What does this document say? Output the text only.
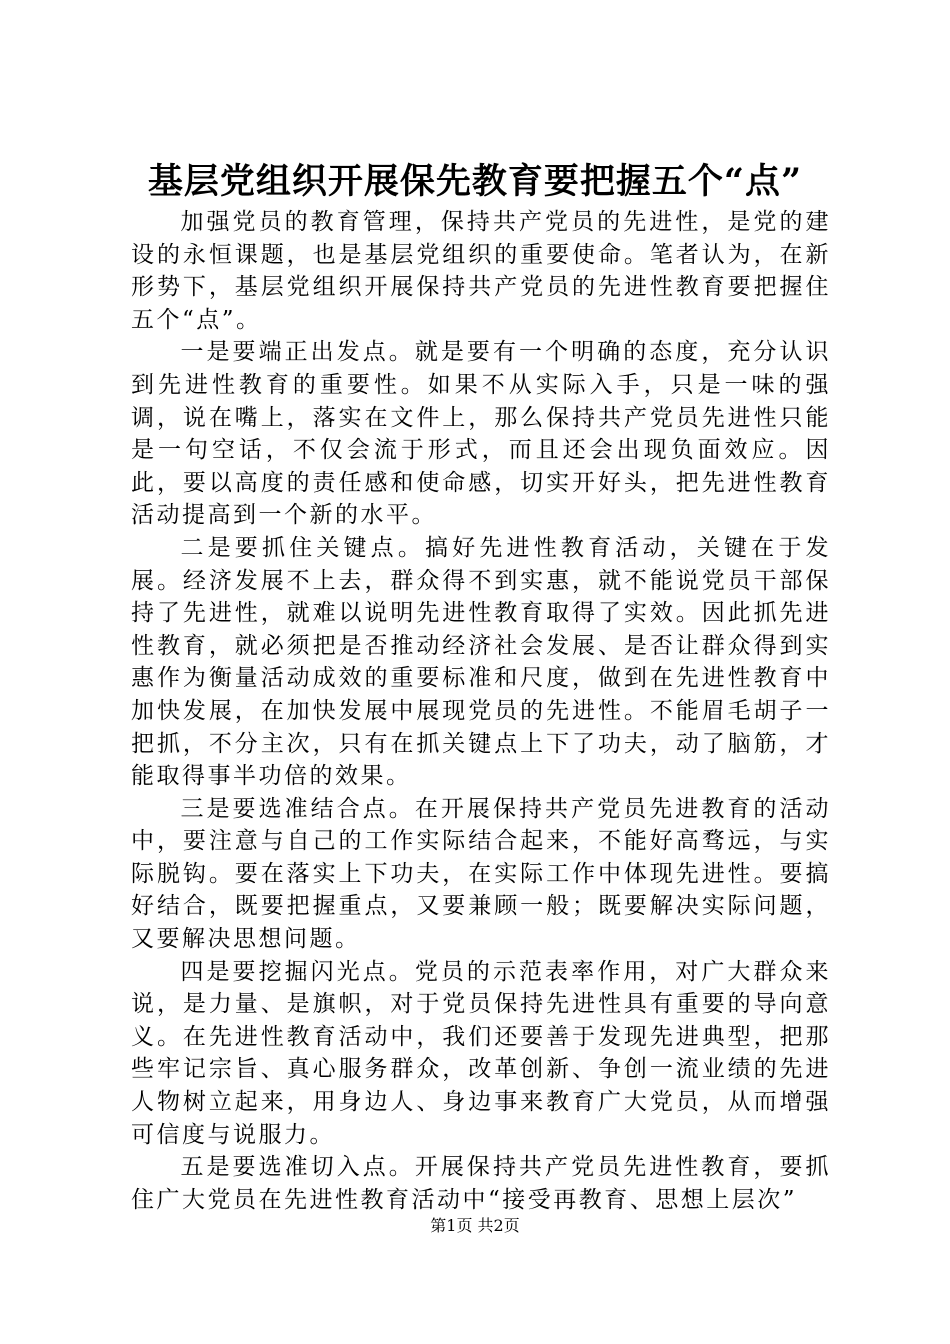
基层党组织开展保先教育要把握五个“点”

加强党员的教育管理，保持共产党员的先进性，是党的建设的永恒课题，也是基层党组织的重要使命。笔者认为，在新形势下，基层党组织开展保持共产党员的先进性教育要把握住五个“点”。

一是要端正出发点。就是要有一个明确的态度，充分认识到先进性教育的重要性。如果不从实际入手，只是一味的强调，说在嘴上，落实在文件上，那么保持共产党员先进性只能是一句空话，不仅会流于形式，而且还会出现负面效应。因此，要以高度的责任感和使命感，切实开好头，把先进性教育活动提高到一个新的水平。

二是要抓住关键点。搞好先进性教育活动，关键在于发展。经济发展不上去，群众得不到实惠，就不能说党员干部保持了先进性，就难以说明先进性教育取得了实效。因此抓先进性教育，就必须把是否推动经济社会发展、是否让群众得到实惠作为衡量活动成效的重要标准和尺度，做到在先进性教育中加快发展，在加快发展中展现党员的先进性。不能眉毛胡子一把抓，不分主次，只有在抓关键点上下了功夫，动了脑筋，才能取得事半功倍的效果。

三是要选准结合点。在开展保持共产党员先进教育的活动中，要注意与自己的工作实际结合起来，不能好高骛远，与实际脱钩。要在落实上下功夫，在实际工作中体现先进性。要搞好结合，既要把握重点，又要兼顾一般；既要解决实际问题，又要解决思想问题。

四是要挖掘闪光点。党员的示范表率作用，对广大群众来说，是力量、是旗帜，对于党员保持先进性具有重要的导向意义。在先进性教育活动中，我们还要善于发现先进典型，把那些牢记宗旨、真心服务群众，改革创新、争创一流业绩的先进人物树立起来，用身边人、身边事来教育广大党员，从而增强可信度与说服力。

五是要选准切入点。开展保持共产党员先进性教育，要抓住广大党员在先进性教育活动中“接受再教育、思想上层次”

第1页 共2页
